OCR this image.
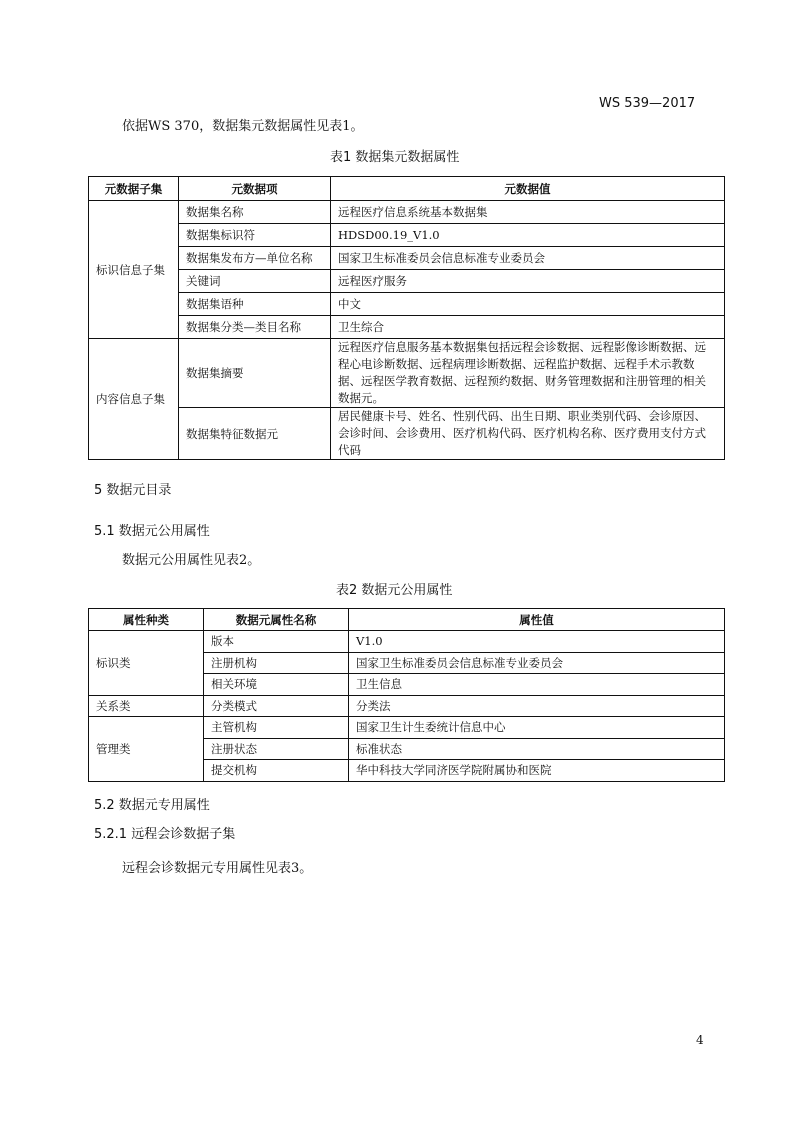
WS 539—2017
依据WS 370，数据集元数据属性见表1。
表1 数据集元数据属性
元数据子集	元数据项	元数据值
标识信息子集	数据集名称	远程医疗信息系统基本数据集
	数据集标识符	HDSD00.19_V1.0
	数据集发布方—单位名称	国家卫生标准委员会信息标准专业委员会
	关键词	远程医疗服务
	数据集语种	中文
	数据集分类—类目名称	卫生综合
内容信息子集	数据集摘要	远程医疗信息服务基本数据集包括远程会诊数据、远程影像诊断数据、远程心电诊断数据、远程病理诊断数据、远程监护数据、远程手术示教数据、远程医学教育数据、远程预约数据、财务管理数据和注册管理的相关数据元。
	数据集特征数据元	居民健康卡号、姓名、性别代码、出生日期、职业类别代码、会诊原因、会诊时间、会诊费用、医疗机构代码、医疗机构名称、医疗费用支付方式代码
5 数据元目录
5.1 数据元公用属性
数据元公用属性见表2。
表2 数据元公用属性
属性种类	数据元属性名称	属性值
标识类	版本	V1.0
	注册机构	国家卫生标准委员会信息标准专业委员会
	相关环境	卫生信息
关系类	分类模式	分类法
管理类	主管机构	国家卫生计生委统计信息中心
	注册状态	标准状态
	提交机构	华中科技大学同济医学院附属协和医院
5.2 数据元专用属性
5.2.1 远程会诊数据子集
远程会诊数据元专用属性见表3。
4
